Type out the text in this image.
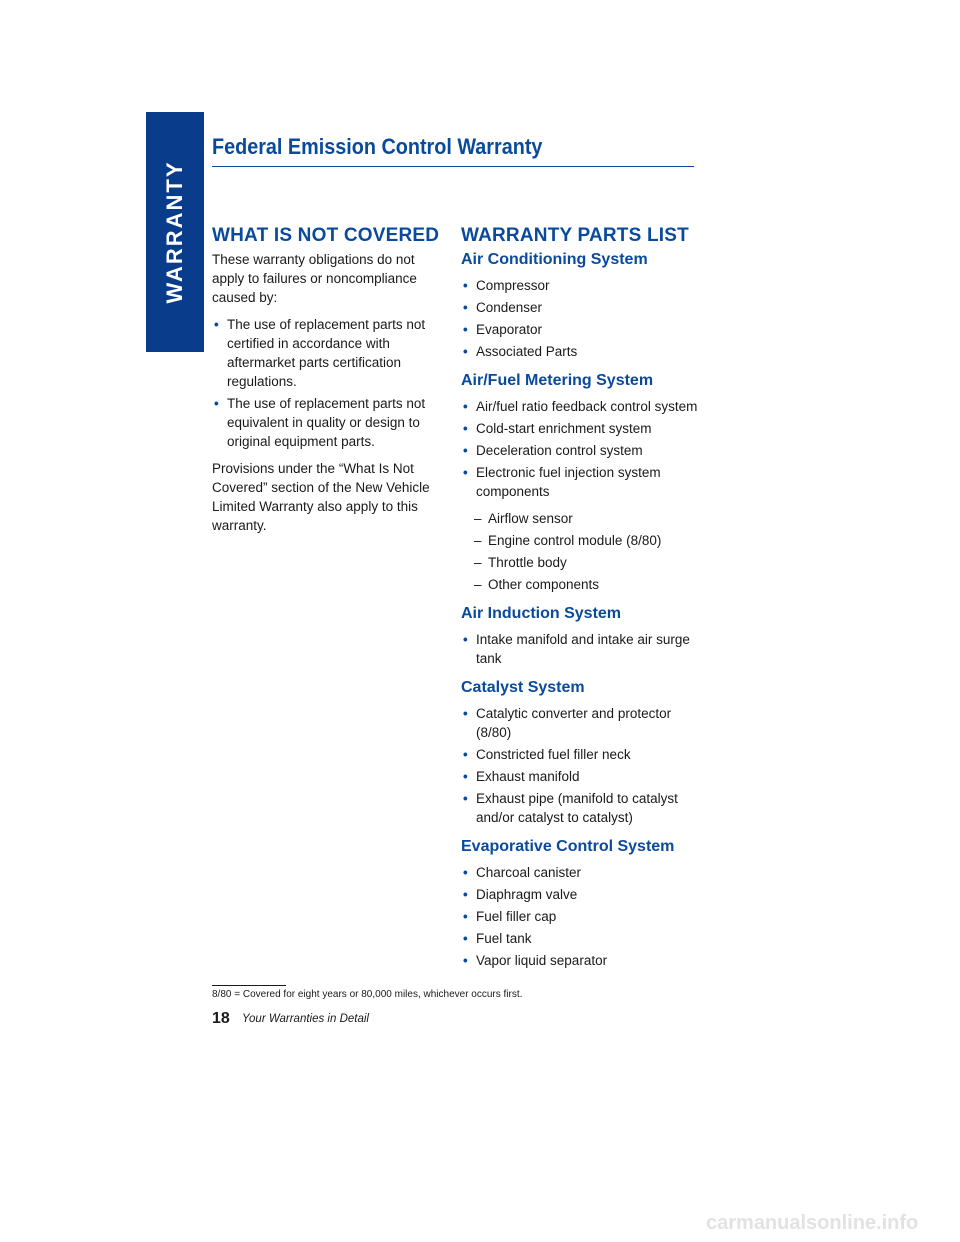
WARRANTY
Federal Emission Control Warranty
WHAT IS NOT COVERED

These warranty obligations do not apply to failures or noncompliance caused by:

• The use of replacement parts not certified in accordance with aftermarket parts certification regulations.
• The use of replacement parts not equivalent in quality or design to original equipment parts.

Provisions under the “What Is Not Covered” section of the New Vehicle Limited Warranty also apply to this warranty.

WARRANTY PARTS LIST
Air Conditioning System
• Compressor
• Condenser
• Evaporator
• Associated Parts
Air/Fuel Metering System
• Air/fuel ratio feedback control system
• Cold-start enrichment system
• Deceleration control system
• Electronic fuel injection system components
– Airflow sensor
– Engine control module (8/80)
– Throttle body
– Other components
Air Induction System
• Intake manifold and intake air surge tank
Catalyst System
• Catalytic converter and protector (8/80)
• Constricted fuel filler neck
• Exhaust manifold
• Exhaust pipe (manifold to catalyst and/or catalyst to catalyst)
Evaporative Control System
• Charcoal canister
• Diaphragm valve
• Fuel filler cap
• Fuel tank
• Vapor liquid separator
8/80 = Covered for eight years or 80,000 miles, whichever occurs first.
18 Your Warranties in Detail
carmanualsonline.info
